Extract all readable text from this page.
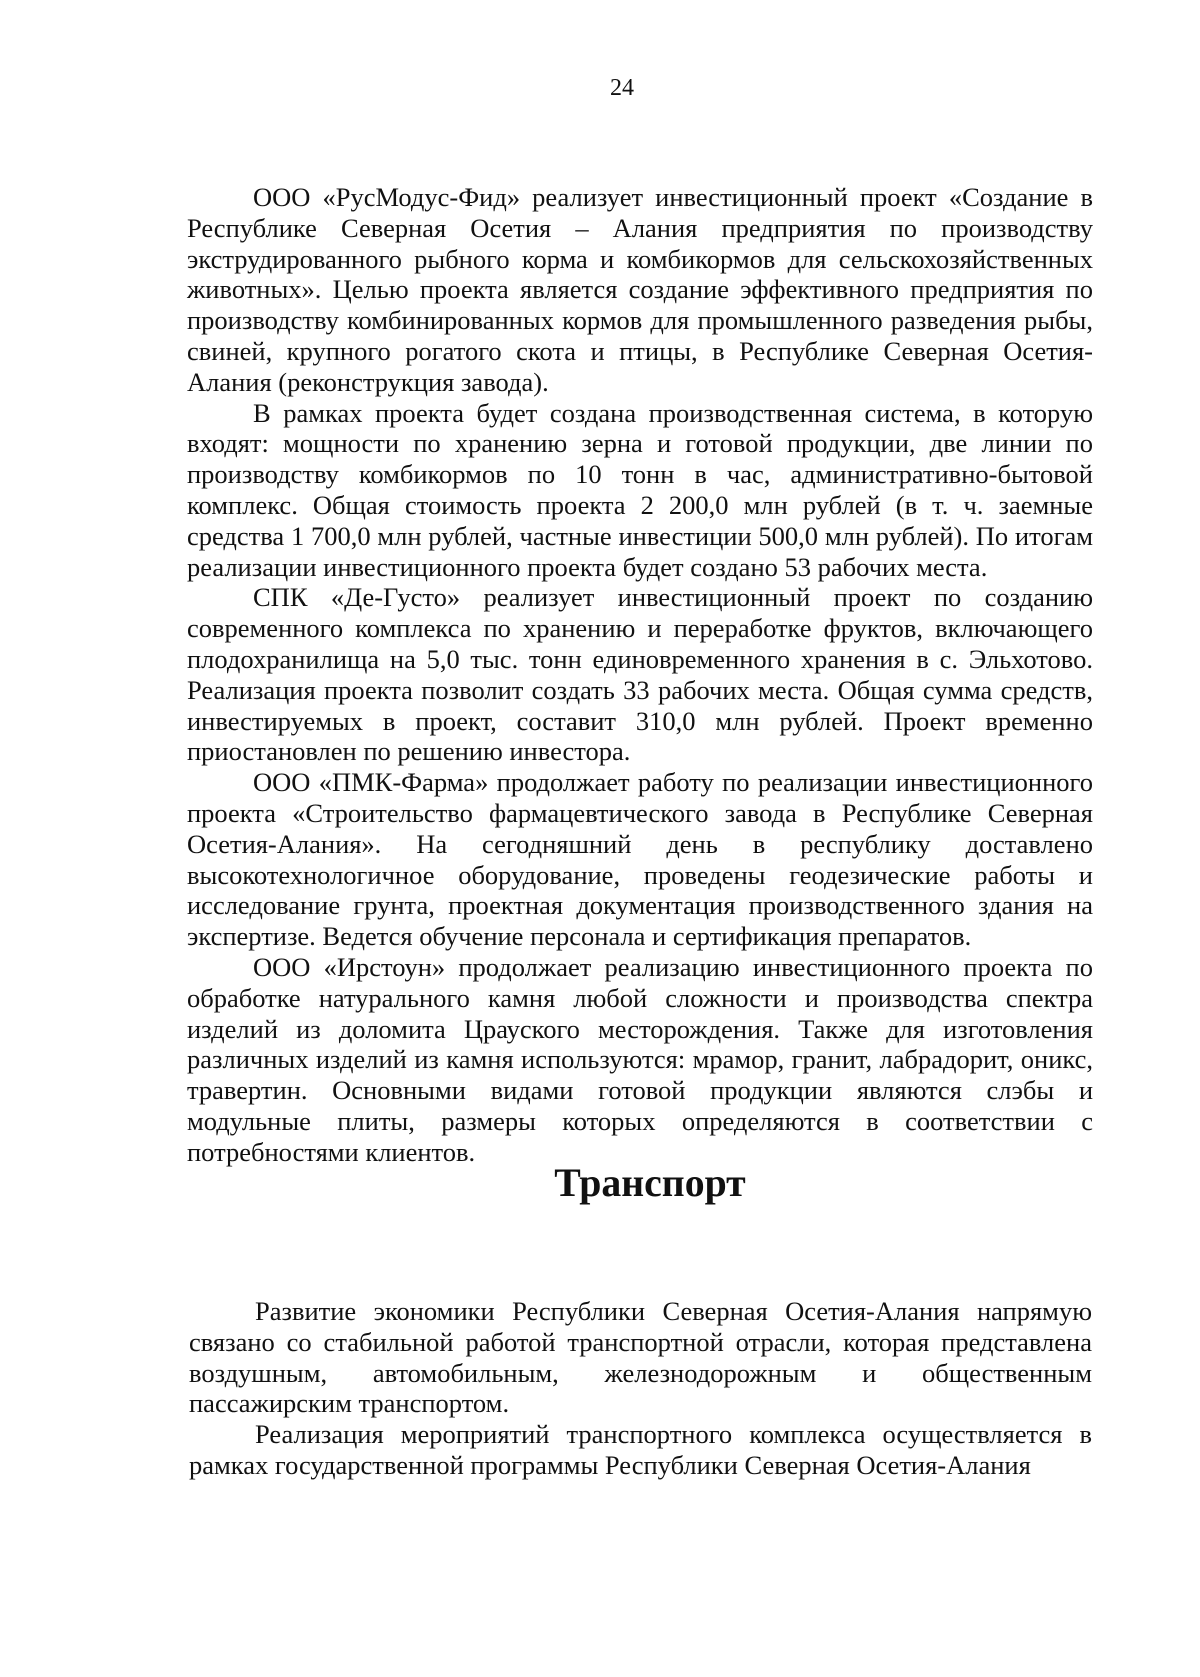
24

ООО «РусМодус-Фид» реализует инвестиционный проект «Создание в Республике Северная Осетия – Алания предприятия по производству экструдированного рыбного корма и комбикормов для сельскохозяйственных животных». Целью проекта является создание эффективного предприятия по производству комбинированных кормов для промышленного разведения рыбы, свиней, крупного рогатого скота и птицы, в Республике Северная Осетия-Алания (реконструкция завода).

В рамках проекта будет создана производственная система, в которую входят: мощности по хранению зерна и готовой продукции, две линии по производству комбикормов по 10 тонн в час, административно-бытовой комплекс. Общая стоимость проекта 2 200,0 млн рублей (в т. ч. заемные средства 1 700,0 млн рублей, частные инвестиции 500,0 млн рублей). По итогам реализации инвестиционного проекта будет создано 53 рабочих места.

СПК «Де-Густо» реализует инвестиционный проект по созданию современного комплекса по хранению и переработке фруктов, включающего плодохранилища на 5,0 тыс. тонн единовременного хранения в с. Эльхотово. Реализация проекта позволит создать 33 рабочих места. Общая сумма средств, инвестируемых в проект, составит 310,0 млн рублей. Проект временно приостановлен по решению инвестора.

ООО «ПМК-Фарма» продолжает работу по реализации инвестиционного проекта «Строительство фармацевтического завода в Республике Северная Осетия-Алания». На сегодняшний день в республику доставлено высокотехнологичное оборудование, проведены геодезические работы и исследование грунта, проектная документация производственного здания на экспертизе. Ведется обучение персонала и сертификация препаратов.

ООО «Ирстоун» продолжает реализацию инвестиционного проекта по обработке натурального камня любой сложности и производства спектра изделий из доломита Црауского месторождения. Также для изготовления различных изделий из камня используются: мрамор, гранит, лабрадорит, оникс, травертин. Основными видами готовой продукции являются слэбы и модульные плиты, размеры которых определяются в соответствии с потребностями клиентов.

Транспорт

Развитие экономики Республики Северная Осетия-Алания напрямую связано со стабильной работой транспортной отрасли, которая представлена воздушным, автомобильным, железнодорожным и общественным пассажирским транспортом.

Реализация мероприятий транспортного комплекса осуществляется в рамках государственной программы Республики Северная Осетия-Алания
